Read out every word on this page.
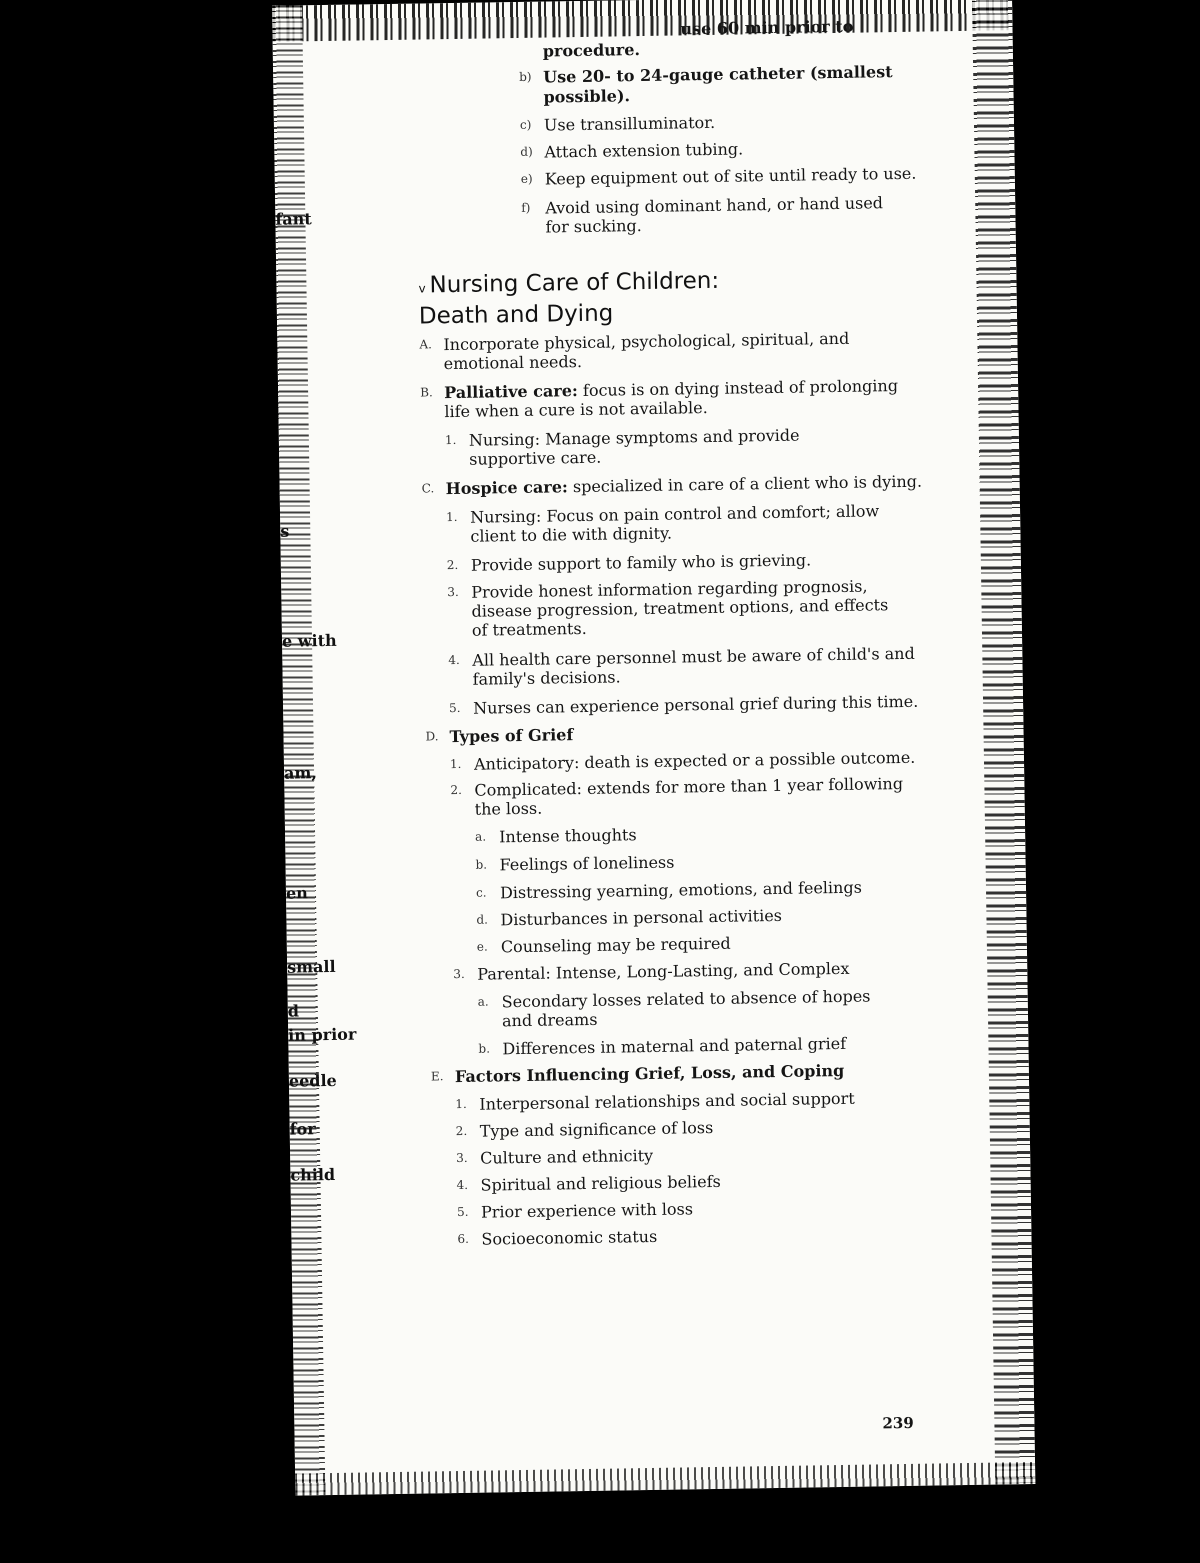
fant
s
e with
am,
en
small
d
in prior
eedle
for
child
use 60 min prior to
procedure.
b) Use 20- to 24-gauge catheter (smallest
possible).
c) Use transilluminator.
d) Attach extension tubing.
e) Keep equipment out of site until ready to use.
f) Avoid using dominant hand, or hand used
for sucking.
v Nursing Care of Children:
Death and Dying
A. Incorporate physical, psychological, spiritual, and
emotional needs.
B. Palliative care: focus is on dying instead of prolonging
life when a cure is not available.
1. Nursing: Manage symptoms and provide
supportive care.
C. Hospice care: specialized in care of a client who is dying.
1. Nursing: Focus on pain control and comfort; allow
client to die with dignity.
2. Provide support to family who is grieving.
3. Provide honest information regarding prognosis,
disease progression, treatment options, and effects
of treatments.
4. All health care personnel must be aware of child's and
family's decisions.
5. Nurses can experience personal grief during this time.
D. Types of Grief
1. Anticipatory: death is expected or a possible outcome.
2. Complicated: extends for more than 1 year following
the loss.
a. Intense thoughts
b. Feelings of loneliness
c. Distressing yearning, emotions, and feelings
d. Disturbances in personal activities
e. Counseling may be required
3. Parental: Intense, Long-Lasting, and Complex
a. Secondary losses related to absence of hopes
and dreams
b. Differences in maternal and paternal grief
E. Factors Influencing Grief, Loss, and Coping
1. Interpersonal relationships and social support
2. Type and significance of loss
3. Culture and ethnicity
4. Spiritual and religious beliefs
5. Prior experience with loss
6. Socioeconomic status
239
